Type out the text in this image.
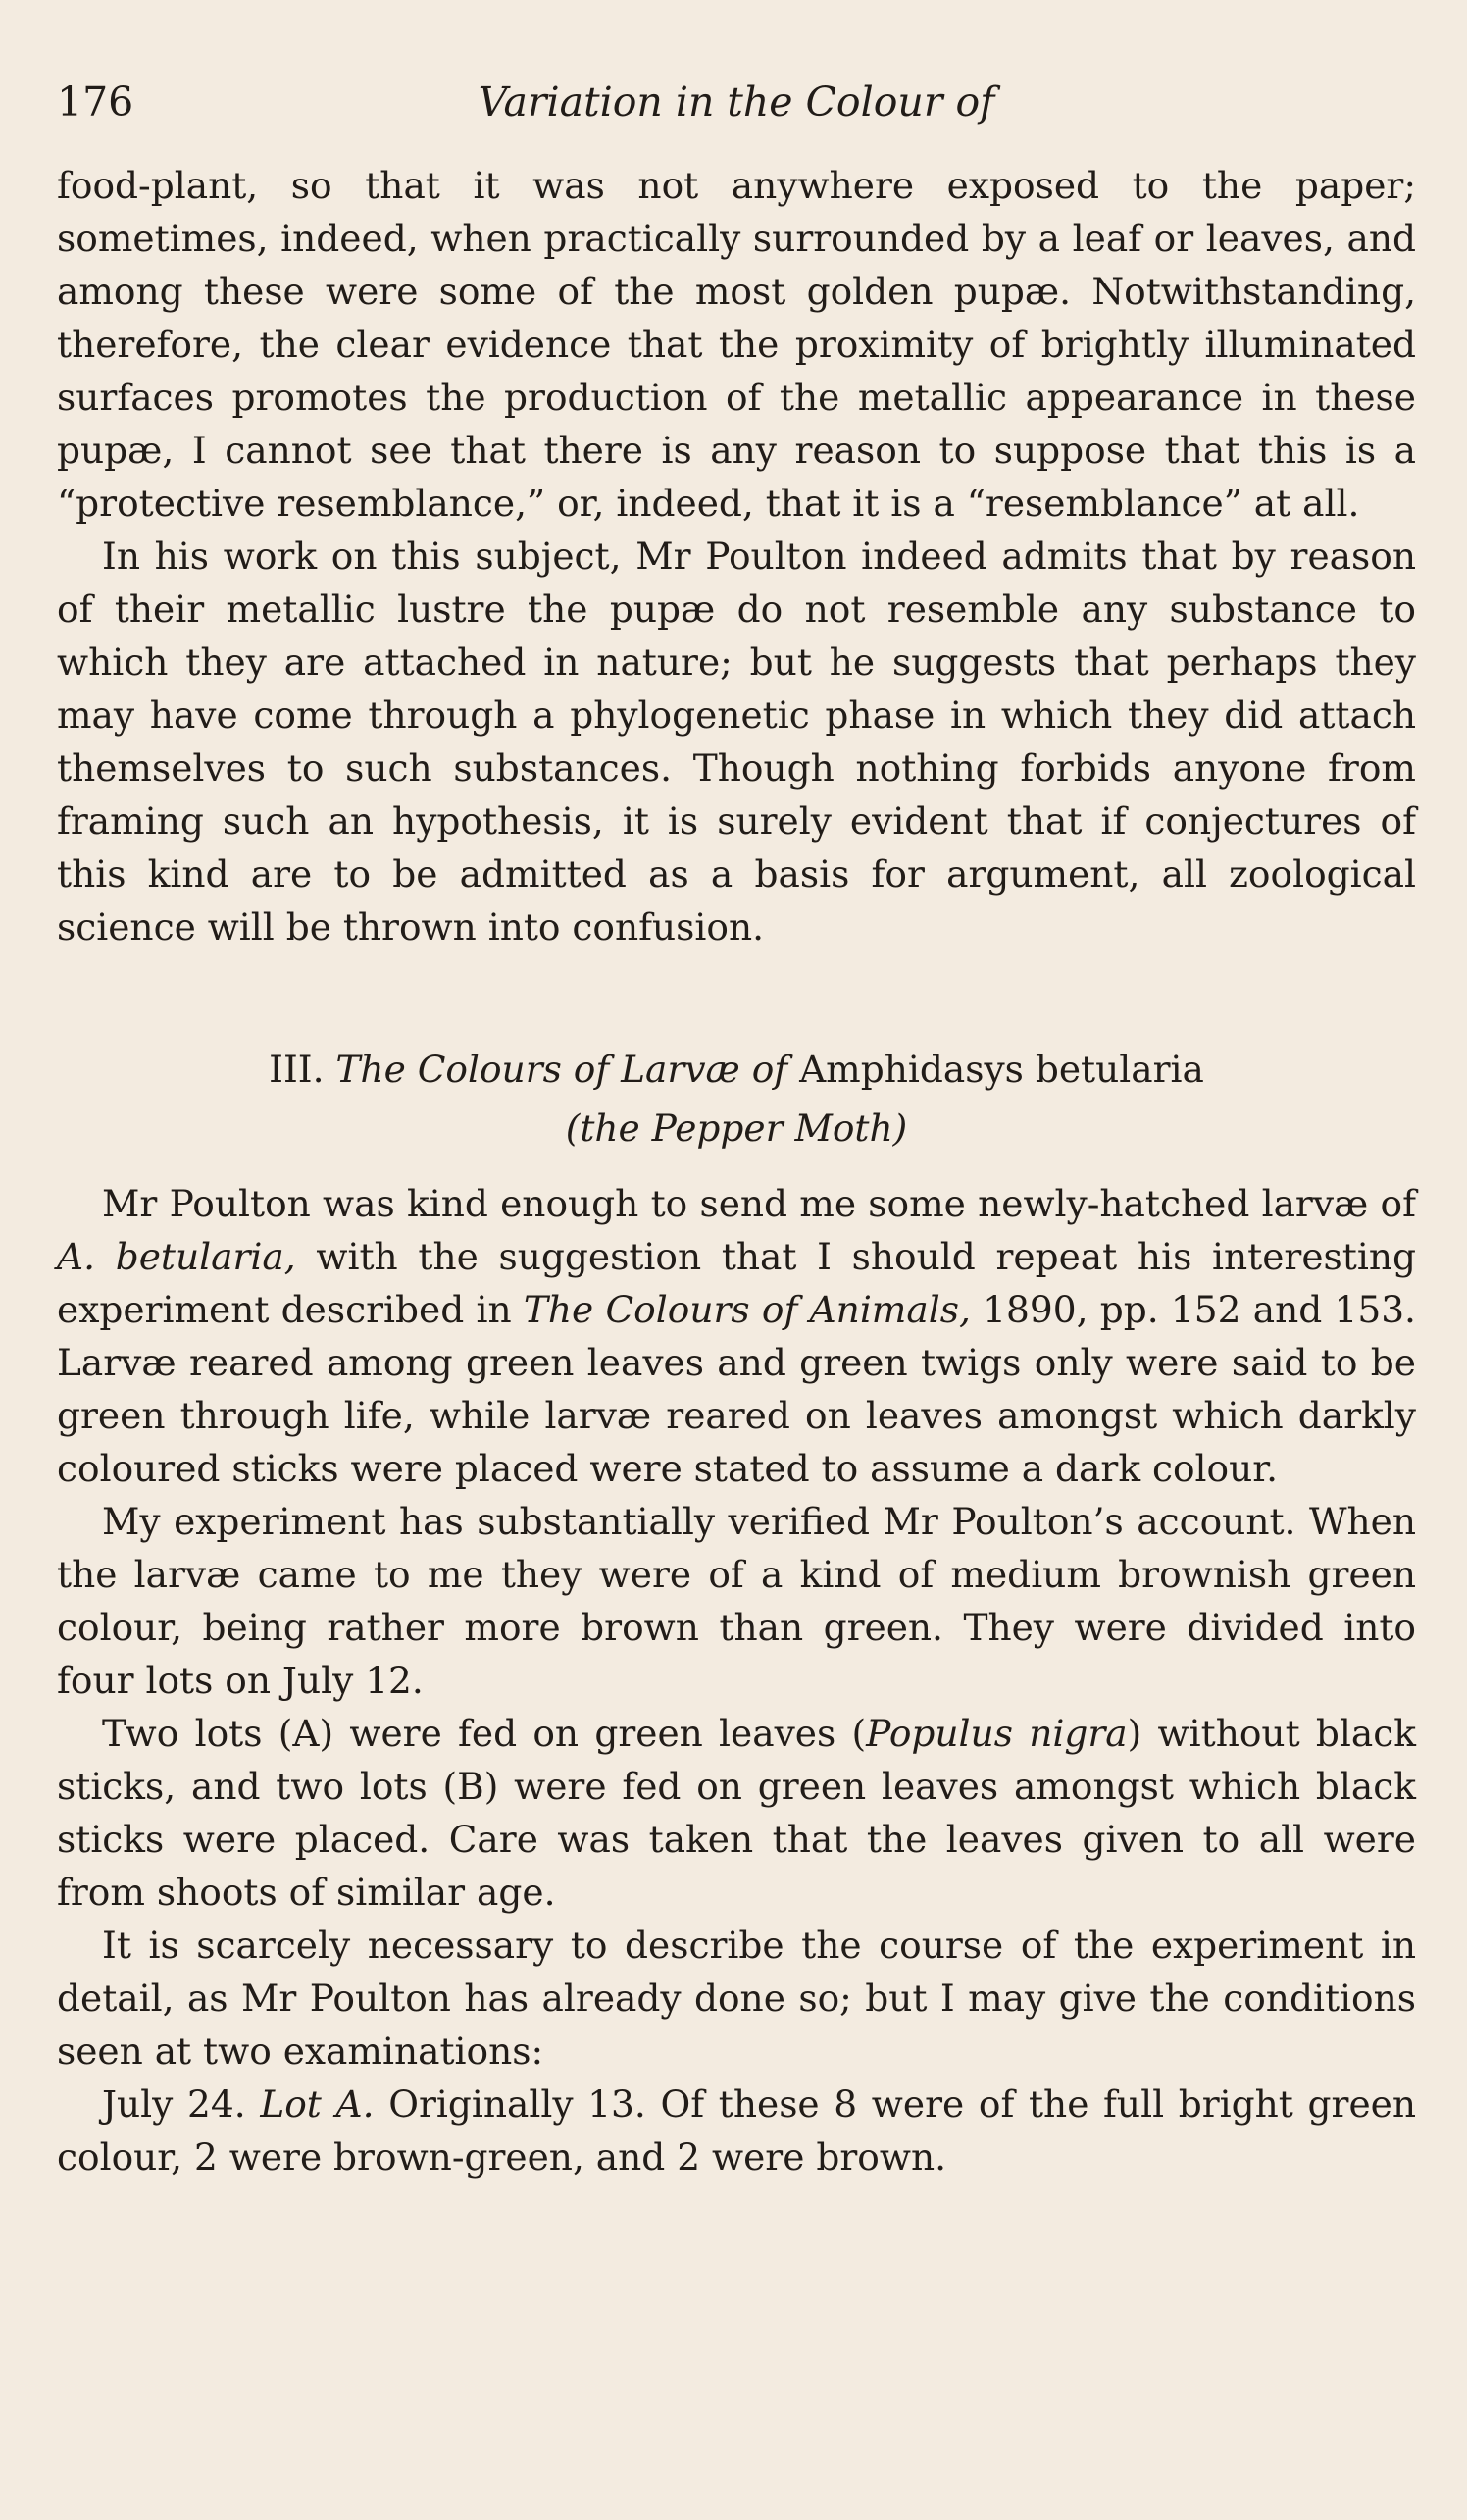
176	Variation in the Colour of

food-plant, so that it was not anywhere exposed to the paper; sometimes, indeed, when practically surrounded by a leaf or leaves, and among these were some of the most golden pupæ. Notwithstanding, therefore, the clear evidence that the proximity of brightly illuminated surfaces promotes the production of the metallic appearance in these pupæ, I cannot see that there is any reason to suppose that this is a “protective resemblance,” or, indeed, that it is a “resemblance” at all.

In his work on this subject, Mr Poulton indeed admits that by reason of their metallic lustre the pupæ do not resemble any substance to which they are attached in nature; but he suggests that perhaps they may have come through a phylogenetic phase in which they did attach themselves to such substances. Though nothing forbids anyone from framing such an hypothesis, it is surely evident that if conjectures of this kind are to be admitted as a basis for argument, all zoological science will be thrown into confusion.

III. The Colours of Larvæ of Amphidasys betularia
(the Pepper Moth)

Mr Poulton was kind enough to send me some newly-hatched larvæ of A. betularia, with the suggestion that I should repeat his interesting experiment described in The Colours of Animals, 1890, pp. 152 and 153. Larvæ reared among green leaves and green twigs only were said to be green through life, while larvæ reared on leaves amongst which darkly coloured sticks were placed were stated to assume a dark colour.

My experiment has substantially verified Mr Poulton’s account. When the larvæ came to me they were of a kind of medium brownish green colour, being rather more brown than green. They were divided into four lots on July 12.

Two lots (A) were fed on green leaves (Populus nigra) without black sticks, and two lots (B) were fed on green leaves amongst which black sticks were placed. Care was taken that the leaves given to all were from shoots of similar age.

It is scarcely necessary to describe the course of the experiment in detail, as Mr Poulton has already done so; but I may give the conditions seen at two examinations:

July 24. Lot A. Originally 13. Of these 8 were of the full bright green colour, 2 were brown-green, and 2 were brown.
